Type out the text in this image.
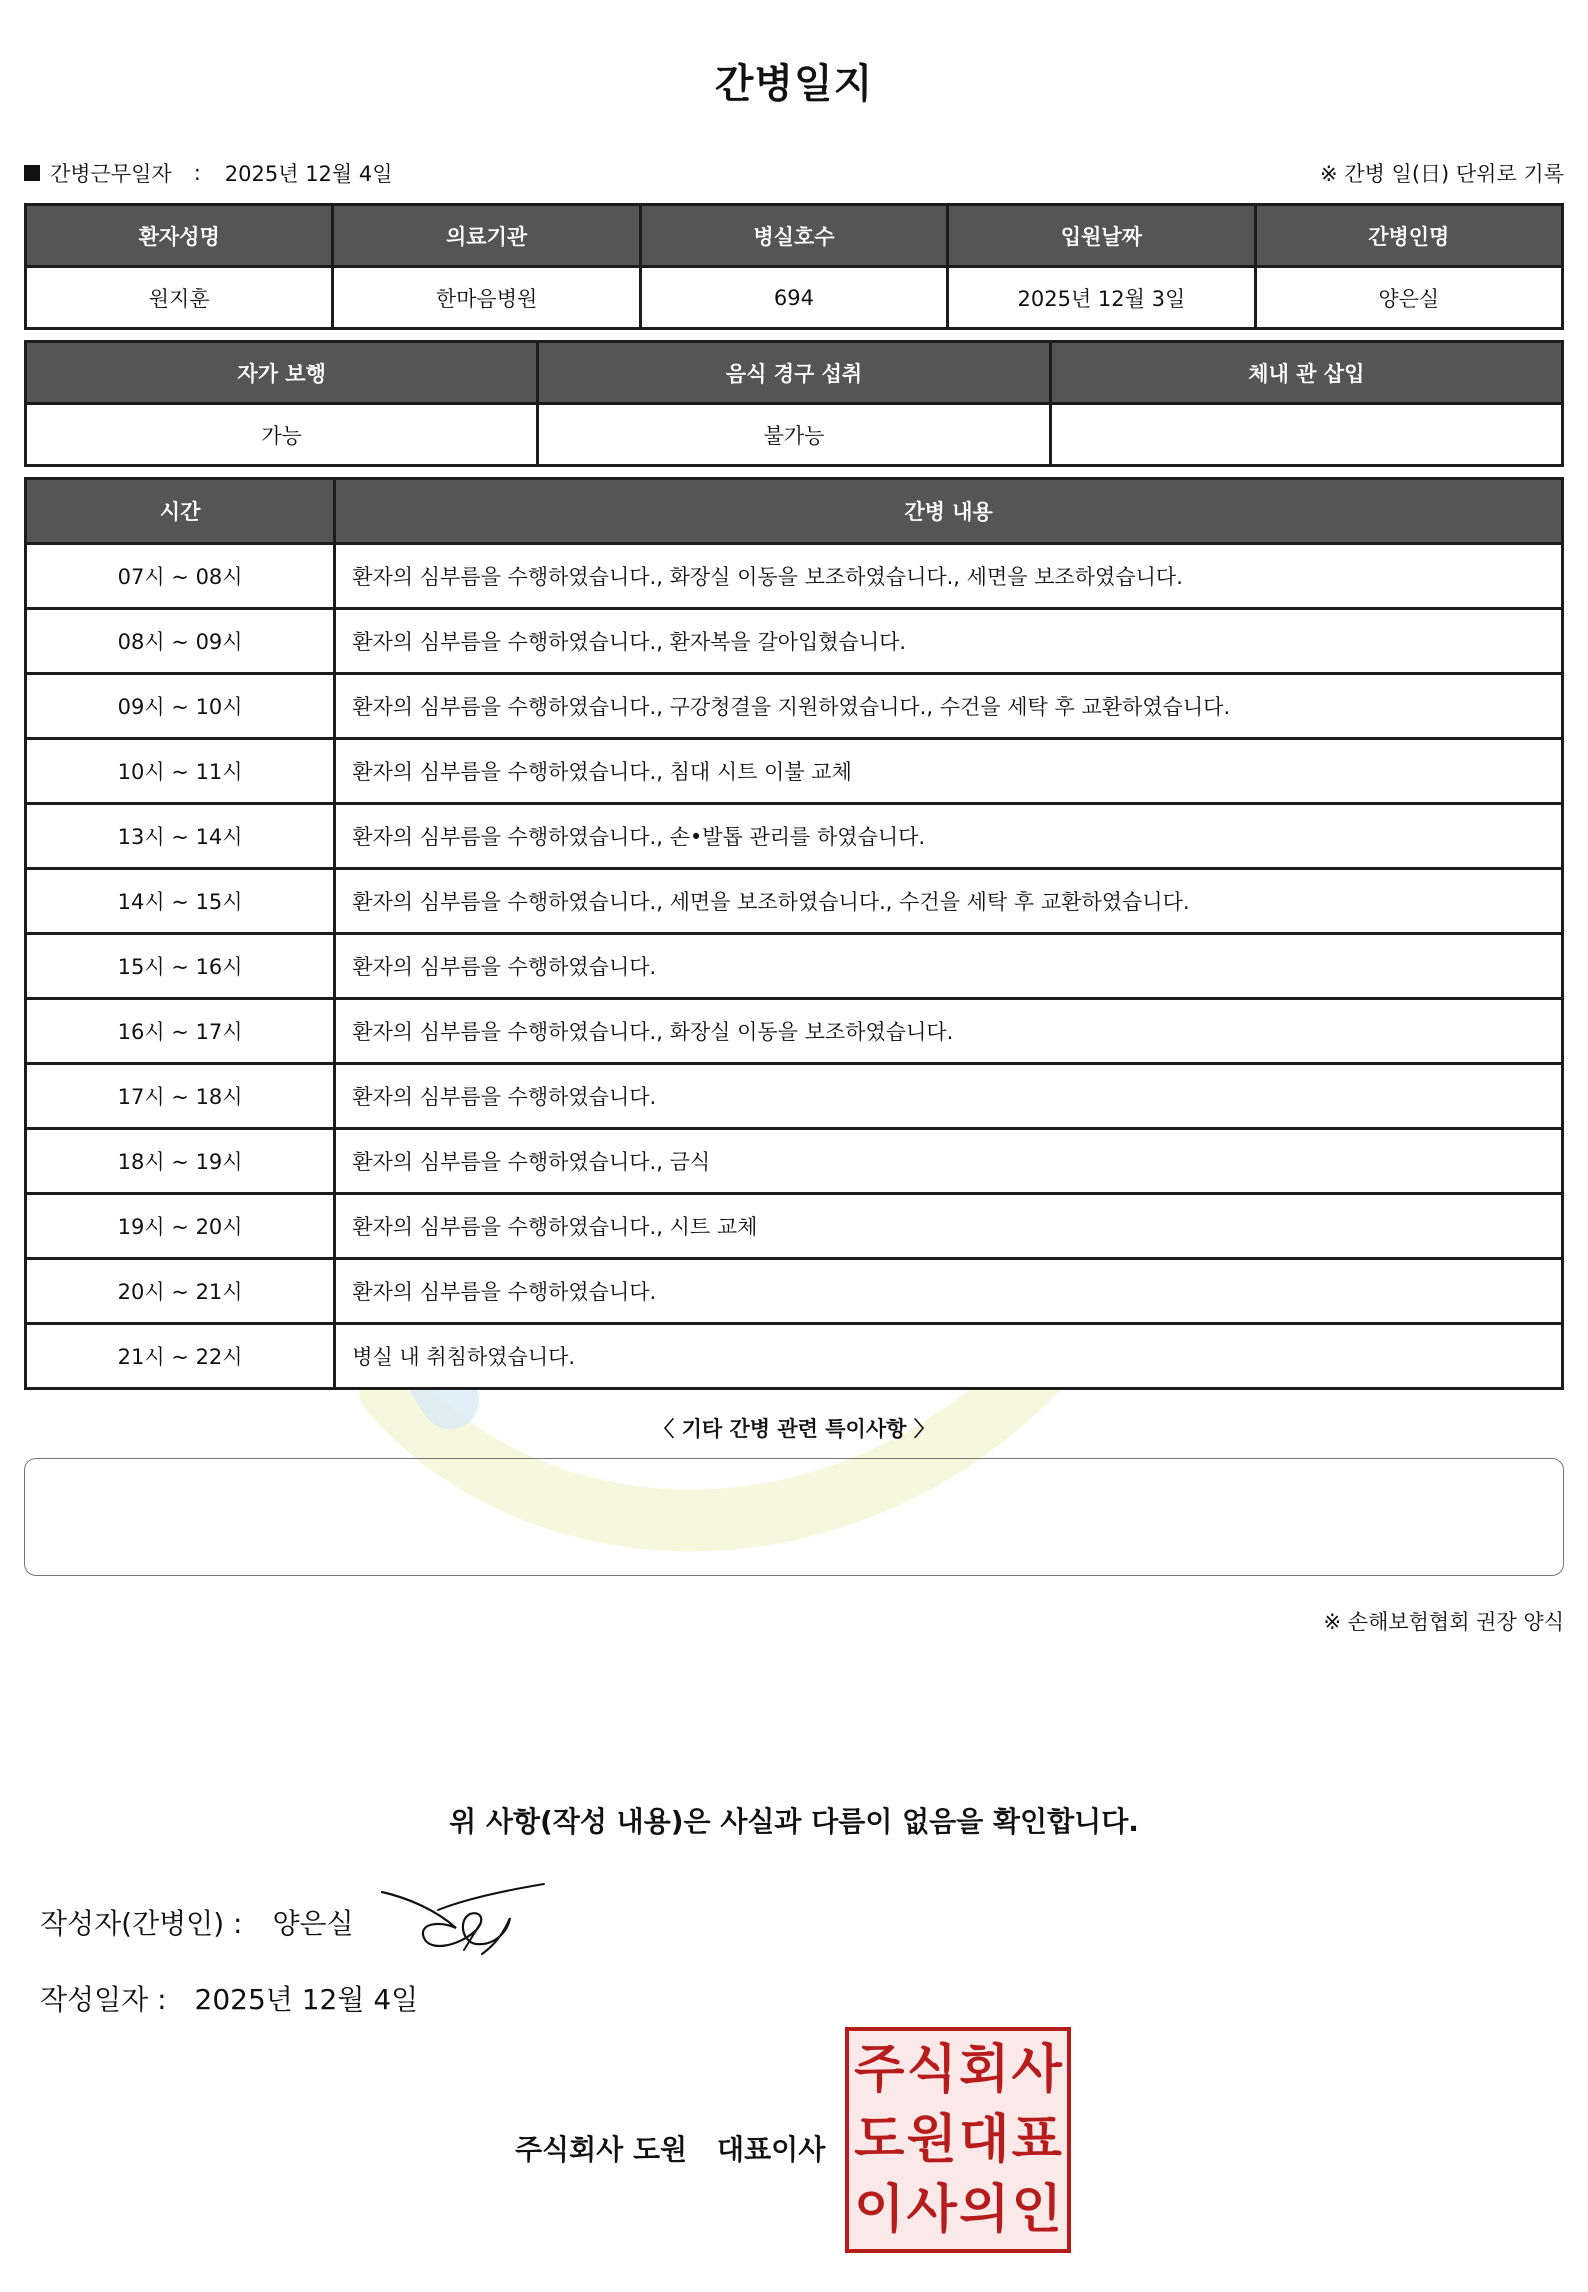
간병일지
간병근무일자 : 2025년 12월 4일	※ 간병 일(日) 단위로 기록
환자성명	의료기관	병실호수	입원날짜	간병인명
원지훈	한마음병원	694	2025년 12월 3일	양은실
자가 보행	음식 경구 섭취	체내 관 삽입
가능	불가능	
시간	간병 내용
07시 ~ 08시	환자의 심부름을 수행하였습니다., 화장실 이동을 보조하였습니다., 세면을 보조하였습니다.
08시 ~ 09시	환자의 심부름을 수행하였습니다., 환자복을 갈아입혔습니다.
09시 ~ 10시	환자의 심부름을 수행하였습니다., 구강청결을 지원하였습니다., 수건을 세탁 후 교환하였습니다.
10시 ~ 11시	환자의 심부름을 수행하였습니다., 침대 시트 이불 교체
13시 ~ 14시	환자의 심부름을 수행하였습니다., 손•발톱 관리를 하였습니다.
14시 ~ 15시	환자의 심부름을 수행하였습니다., 세면을 보조하였습니다., 수건을 세탁 후 교환하였습니다.
15시 ~ 16시	환자의 심부름을 수행하였습니다.
16시 ~ 17시	환자의 심부름을 수행하였습니다., 화장실 이동을 보조하였습니다.
17시 ~ 18시	환자의 심부름을 수행하였습니다.
18시 ~ 19시	환자의 심부름을 수행하였습니다., 금식
19시 ~ 20시	환자의 심부름을 수행하였습니다., 시트 교체
20시 ~ 21시	환자의 심부름을 수행하였습니다.
21시 ~ 22시	병실 내 취침하였습니다.
〈 기타 간병 관련 특이사항 〉
※ 손해보험협회 권장 양식
위 사항(작성 내용)은 사실과 다름이 없음을 확인합니다.
작성자(간병인) : 양은실
작성일자 : 2025년 12월 4일
주식회사 도원 대표이사
주 식 회 사
도 원 대 표
이 사 의 인
